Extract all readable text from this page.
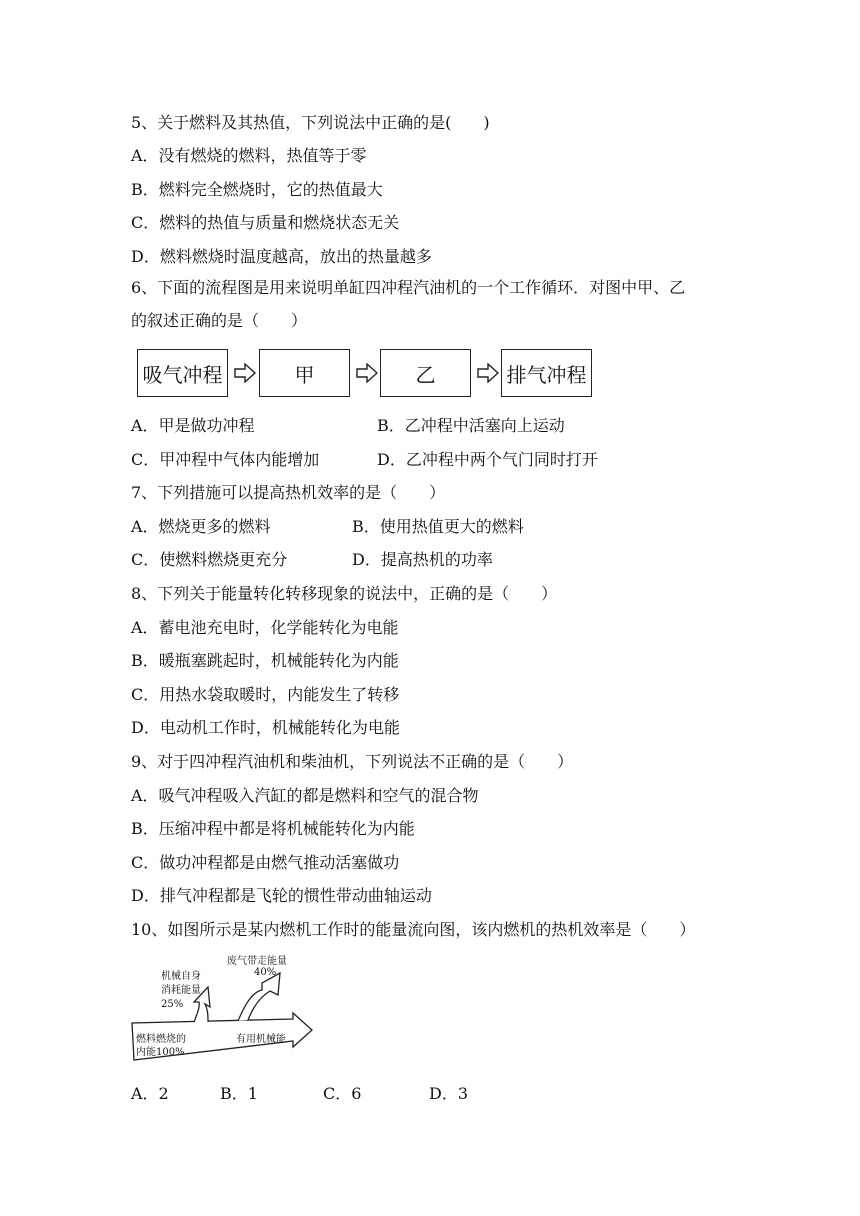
5、关于燃料及其热值，下列说法中正确的是(　　)
A．没有燃烧的燃料，热值等于零
B．燃料完全燃烧时，它的热值最大
C．燃料的热值与质量和燃烧状态无关
D．燃料燃烧时温度越高，放出的热量越多
6、下面的流程图是用来说明单缸四冲程汽油机的一个工作循环．对图中甲、乙
的叙述正确的是（　　）
吸气冲程	甲	乙	排气冲程
A．甲是做功冲程	B．乙冲程中活塞向上运动
C．甲冲程中气体内能增加	D．乙冲程中两个气门同时打开
7、下列措施可以提高热机效率的是（　　）
A．燃烧更多的燃料	B．使用热值更大的燃料
C．使燃料燃烧更充分	D．提高热机的功率
8、下列关于能量转化转移现象的说法中，正确的是（　　）
A．蓄电池充电时，化学能转化为电能
B．暖瓶塞跳起时，机械能转化为内能
C．用热水袋取暖时，内能发生了转移
D．电动机工作时，机械能转化为电能
9、对于四冲程汽油机和柴油机，下列说法不正确的是（　　）
A．吸气冲程吸入汽缸的都是燃料和空气的混合物
B．压缩冲程中都是将机械能转化为内能
C．做功冲程都是由燃气推动活塞做功
D．排气冲程都是飞轮的惯性带动曲轴运动
10、如图所示是某内燃机工作时的能量流向图，该内燃机的热机效率是（　　）
废气带走能量
40%
机械自身
消耗能量
25%
有用机械能
燃料燃烧的
内能100%
A．2	B．1	C．6	D．3
